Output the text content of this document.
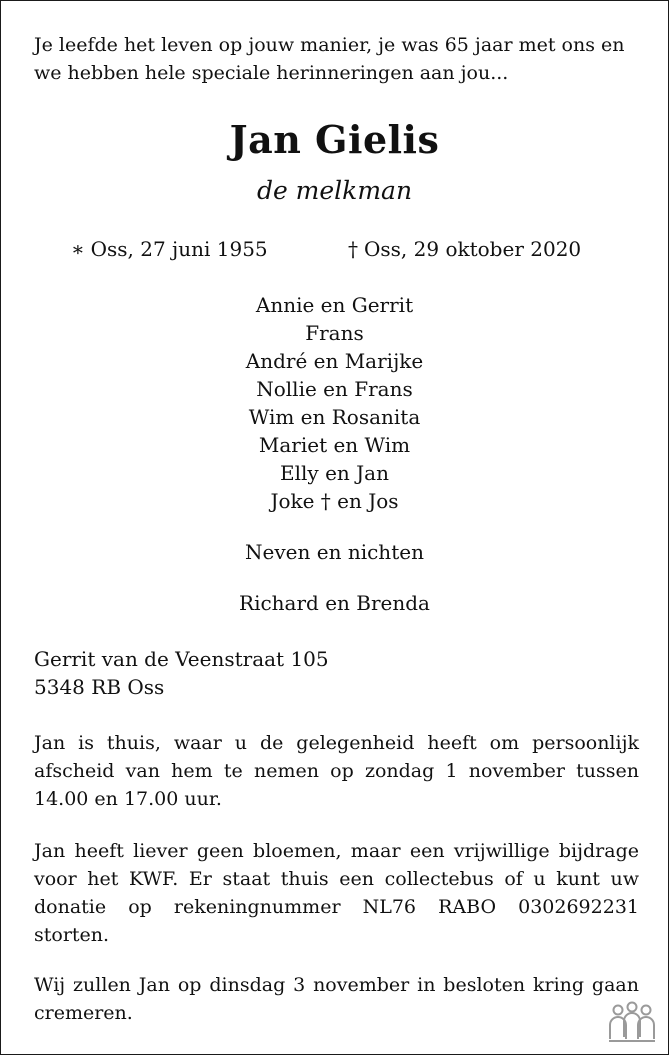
Je leefde het leven op jouw manier, je was 65 jaar met ons en we hebben hele speciale herinneringen aan jou...
Jan Gielis
de melkman
∗ Oss, 27 juni 1955	† Oss, 29 oktober 2020
Annie en Gerrit
Frans
André en Marijke
Nollie en Frans
Wim en Rosanita
Mariet en Wim
Elly en Jan
Joke † en Jos
Neven en nichten
Richard en Brenda
Gerrit van de Veenstraat 105
5348 RB Oss
Jan is thuis, waar u de gelegenheid heeft om persoonlijk afscheid van hem te nemen op zondag 1 november tussen 14.00 en 17.00 uur.
Jan heeft liever geen bloemen, maar een vrijwillige bijdrage voor het KWF. Er staat thuis een collectebus of u kunt uw donatie op rekeningnummer NL76 RABO 0302692231 storten.
Wij zullen Jan op dinsdag 3 november in besloten kring gaan cremeren.
